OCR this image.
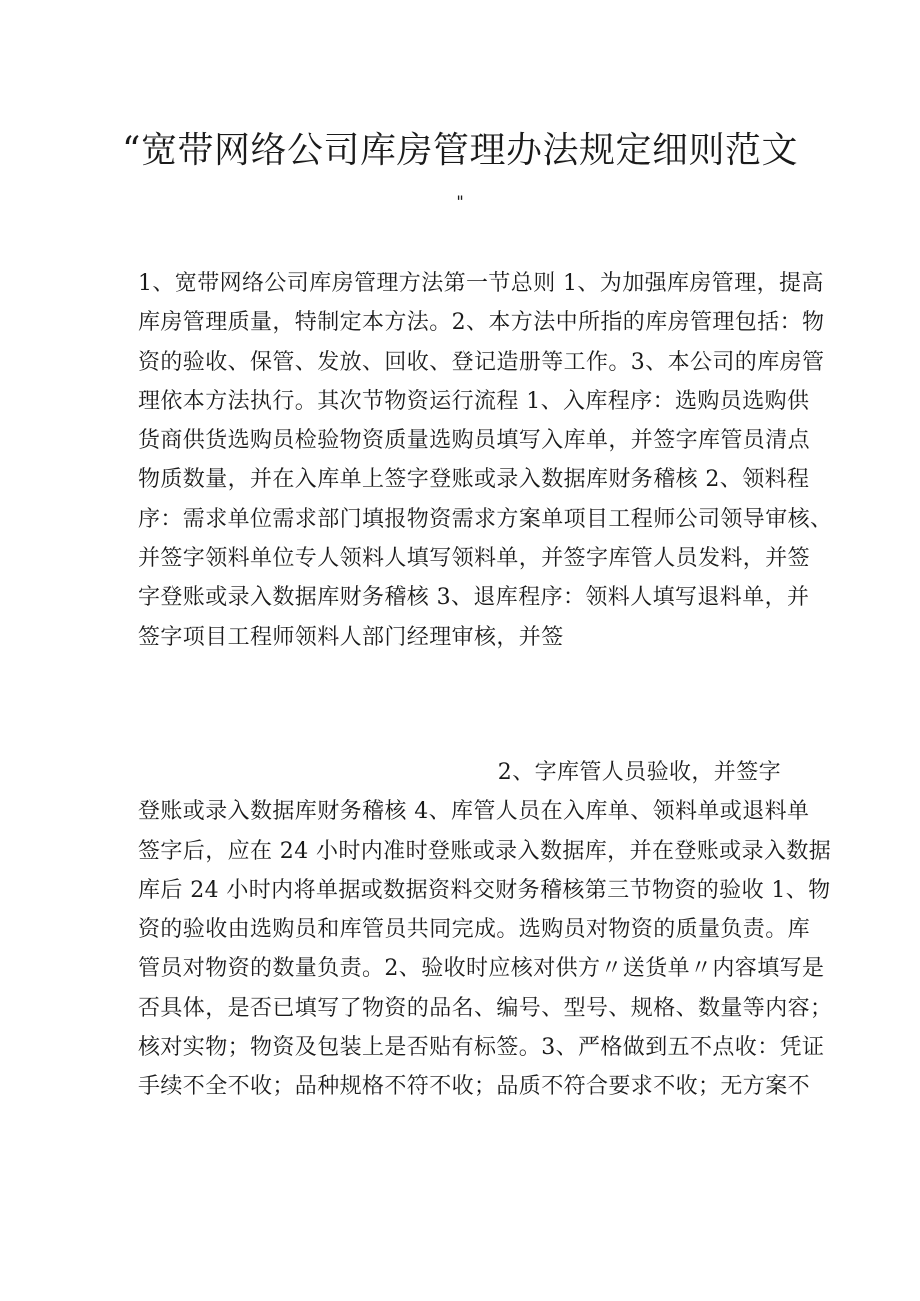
“宽带网络公司库房管理办法规定细则范文
"
1、宽带网络公司库房管理方法第一节总则 1、为加强库房管理，提高
库房管理质量，特制定本方法。2、本方法中所指的库房管理包括：物
资的验收、保管、发放、回收、登记造册等工作。3、本公司的库房管
理依本方法执行。其次节物资运行流程 1、入库程序：选购员选购供
货商供货选购员检验物资质量选购员填写入库单，并签字库管员清点
物质数量，并在入库单上签字登账或录入数据库财务稽核 2、领料程
序：需求单位需求部门填报物资需求方案单项目工程师公司领导审核、
并签字领料单位专人领料人填写领料单，并签字库管人员发料，并签
字登账或录入数据库财务稽核 3、退库程序：领料人填写退料单，并
签字项目工程师领料人部门经理审核，并签
2、字库管人员验收，并签字
登账或录入数据库财务稽核 4、库管人员在入库单、领料单或退料单
签字后，应在 24 小时内准时登账或录入数据库，并在登账或录入数据
库后 24 小时内将单据或数据资料交财务稽核第三节物资的验收 1、物
资的验收由选购员和库管员共同完成。选购员对物资的质量负责。库
管员对物资的数量负责。2、验收时应核对供方〃送货单〃内容填写是
否具体，是否已填写了物资的品名、编号、型号、规格、数量等内容；
核对实物；物资及包装上是否贴有标签。3、严格做到五不点收：凭证
手续不全不收；品种规格不符不收；品质不符合要求不收；无方案不
